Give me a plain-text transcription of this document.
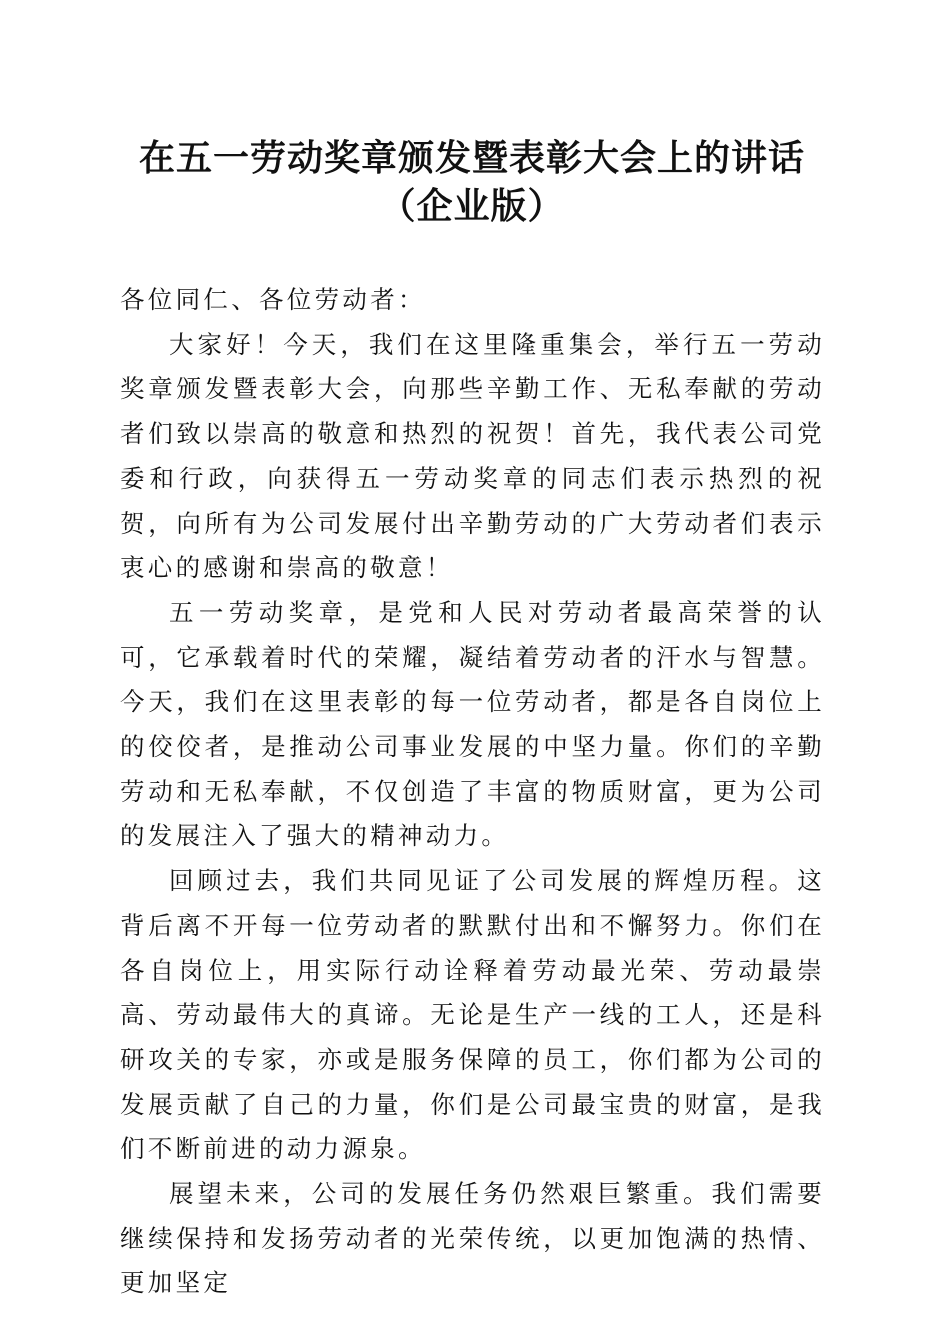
在五一劳动奖章颁发暨表彰大会上的讲话（企业版）

各位同仁、各位劳动者：

大家好！今天，我们在这里隆重集会，举行五一劳动奖章颁发暨表彰大会，向那些辛勤工作、无私奉献的劳动者们致以崇高的敬意和热烈的祝贺！首先，我代表公司党委和行政，向获得五一劳动奖章的同志们表示热烈的祝贺，向所有为公司发展付出辛勤劳动的广大劳动者们表示衷心的感谢和崇高的敬意！

五一劳动奖章，是党和人民对劳动者最高荣誉的认可，它承载着时代的荣耀，凝结着劳动者的汗水与智慧。今天，我们在这里表彰的每一位劳动者，都是各自岗位上的佼佼者，是推动公司事业发展的中坚力量。你们的辛勤劳动和无私奉献，不仅创造了丰富的物质财富，更为公司的发展注入了强大的精神动力。

回顾过去，我们共同见证了公司发展的辉煌历程。这背后离不开每一位劳动者的默默付出和不懈努力。你们在各自岗位上，用实际行动诠释着劳动最光荣、劳动最崇高、劳动最伟大的真谛。无论是生产一线的工人，还是科研攻关的专家，亦或是服务保障的员工，你们都为公司的发展贡献了自己的力量，你们是公司最宝贵的财富，是我们不断前进的动力源泉。

展望未来，公司的发展任务仍然艰巨繁重。我们需要继续保持和发扬劳动者的光荣传统，以更加饱满的热情、更加坚定
